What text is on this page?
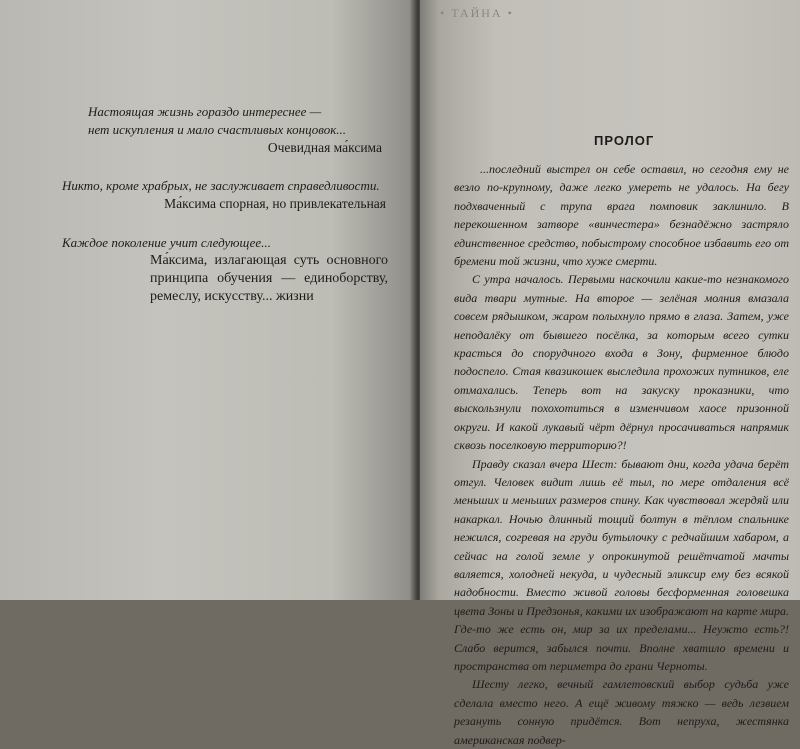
Настоящая жизнь гораздо интереснее —

нет искупления и мало счастливых концовок...

Очевидная ма́ксима

Никто, кроме храбрых, не заслуживает справедливости.

Ма́ксима спорная, но привлекательная

Каждое поколение учит следующее...

Ма́ксима, излагающая суть основного принципа обучения — единоборству, ремеслу, искусству... жизни

• ТАЙНА •
ПРОЛОГ

...последний выстрел он себе оставил, но сегодня ему не везло по-крупному, даже легко умереть не удалось. На бегу подхваченный с трупа врага помповик заклинило. В перекошенном затворе «винчестера» безнадёжно застряло единственное средство, побыстрому способное избавить его от бремени той жизни, что хуже смерти.

С утра началось. Первыми наскочили какие-то незнакомого вида твари мутные. На второе — зелёная молния вмазала совсем рядышком, жаром полыхнуло прямо в глаза. Затем, уже неподалёку от бывшего посёлка, за которым всего сутки красться до спорудчного входа в Зону, фирменное блюдо подоспело. Стая квазикошек выследила прохожих путников, еле отмахались. Теперь вот на закуску проказники, что выскользнули похохотиться в изменчивом хаосе призонной округи. И какой лукавый чёрт дёрнул просачиваться напрямик сквозь поселковую территорию?!

Правду сказал вчера Шест: бывают дни, когда удача берёт отгул. Человек видит лишь её тыл, по мере отдаления всё меньших и меньших размеров спину. Как чувствовал жердяй или накаркал. Ночью длинный тощий болтун в тёплом спальнике нежился, согревая на груди бутылочку с редчайшим хабаром, а сейчас на голой земле у опрокинутой решётчатой мачты валяется, холодней некуда, и чудесный эликсир ему без всякой надобности. Вместо живой головы бесформенная головешка цвета Зоны и Предзонья, какими их изображают на карте мира. Где-то же есть он, мир за их пределами... Неужто есть?! Слабо верится, забылся почти. Вполне хватило времени и пространства от периметра до грани Черноты.

Шесту легко, вечный гамлетовский выбор судьба уже сделала вместо него. А ещё живому тяжко — ведь лезвием резануть сонную придётся. Вот непруха, жестянка американская подвер-
